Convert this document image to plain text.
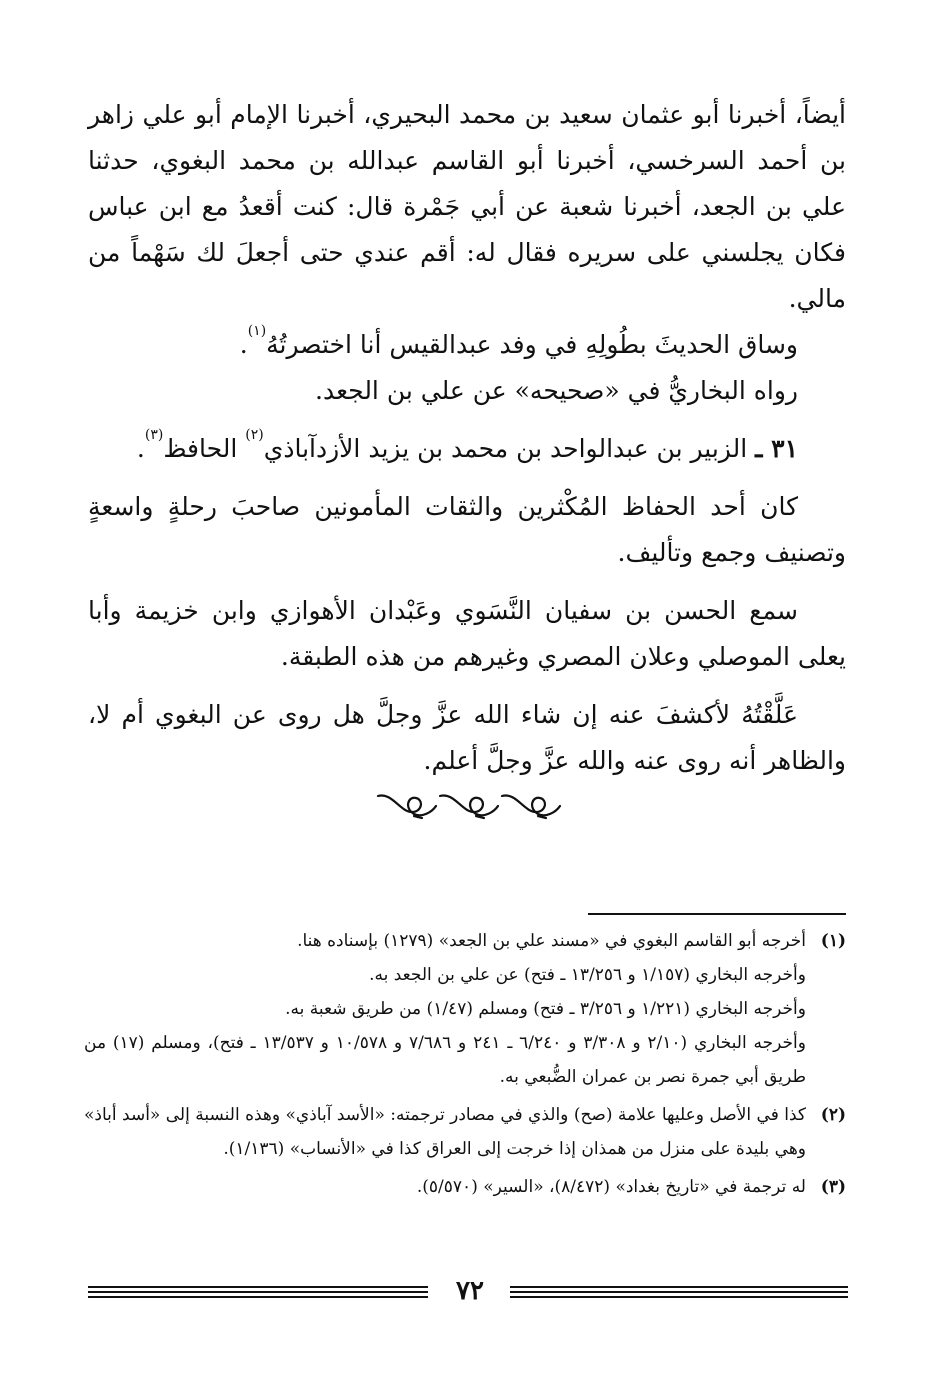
أيضاً، أخبرنا أبو عثمان سعيد بن محمد البحيري، أخبرنا الإمام أبو علي زاهر بن أحمد السرخسي، أخبرنا أبو القاسم عبدالله بن محمد البغوي، حدثنا علي بن الجعد، أخبرنا شعبة عن أبي جَمْرة قال: كنت أقعدُ مع ابن عباس فكان يجلسني على سريره فقال له: أقم عندي حتى أجعلَ لك سَهْماً من مالي.

وساق الحديثَ بطُولِهِ في وفد عبدالقيس أنا اختصرتُهُ$^{(١)}$.

رواه البخاريُّ في «صحيحه» عن علي بن الجعد.

٣١ ـ الزبير بن عبدالواحد بن محمد بن يزيد الأزدآباذي$^{(٢)}$ الحافظ$^{(٣)}$.

كان أحد الحفاظ المُكْثرين والثقات المأمونين صاحبَ رحلةٍ واسعةٍ وتصنيف وجمع وتأليف.

سمع الحسن بن سفيان النَّسَوي وعَبْدان الأهوازي وابن خزيمة وأبا يعلى الموصلي وعلان المصري وغيرهم من هذه الطبقة.

عَلَّقْتُهُ لأكشفَ عنه إن شاء الله عزَّ وجلَّ هل روى عن البغوي أم لا، والظاهر أنه روى عنه والله عزَّ وجلَّ أعلم.

(١)

أخرجه أبو القاسم البغوي في «مسند علي بن الجعد» (١٢٧٩) بإسناده هنا.

وأخرجه البخاري (١/١٥٧ و ١٣/٢٥٦ ـ فتح) عن علي بن الجعد به.

وأخرجه البخاري (١/٢٢١ و ٣/٢٥٦ ـ فتح) ومسلم (١/٤٧) من طريق شعبة به.

وأخرجه البخاري (٢/١٠ و ٣/٣٠٨ و ٦/٢٤٠ ـ ٢٤١ و ٧/٦٨٦ و ١٠/٥٧٨ و ١٣/٥٣٧ ـ فتح)، ومسلم (١٧) من طريق أبي جمرة نصر بن عمران الضُّبعي به.

(٢)

كذا في الأصل وعليها علامة (صح) والذي في مصادر ترجمته: «الأسد آباذي» وهذه النسبة إلى «أسد أباذ» وهي بليدة على منزل من همذان إذا خرجت إلى العراق كذا في «الأنساب» (١/١٣٦).

(٣)

له ترجمة في «تاريخ بغداد» (٨/٤٧٢)، «السير» (٥/٥٧٠).

٧٢
